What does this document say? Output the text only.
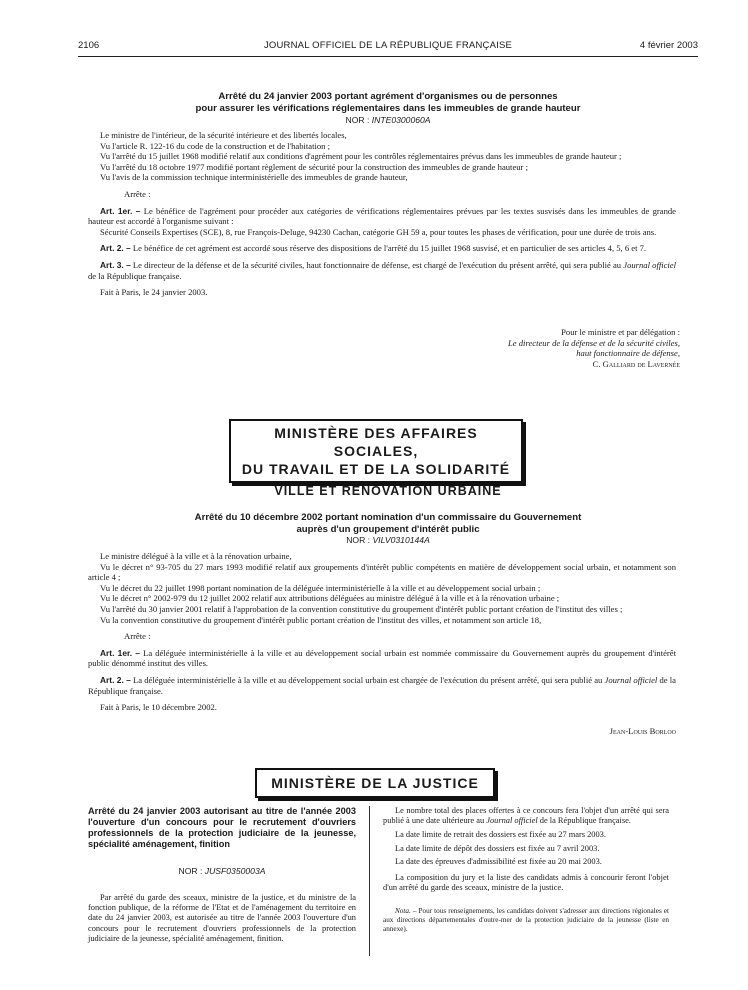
2106	JOURNAL OFFICIEL DE LA RÉPUBLIQUE FRANÇAISE	4 février 2003
Arrêté du 24 janvier 2003 portant agrément d'organismes ou de personnes
pour assurer les vérifications réglementaires dans les immeubles de grande hauteur
NOR : INTE0300060A

Le ministre de l'intérieur, de la sécurité intérieure et des libertés locales,

Vu l'article R. 122-16 du code de la construction et de l'habitation ;

Vu l'arrêté du 15 juillet 1968 modifié relatif aux conditions d'agrément pour les contrôles réglementaires prévus dans les immeubles de grande hauteur ;

Vu l'arrêté du 18 octobre 1977 modifié portant règlement de sécurité pour la construction des immeubles de grande hauteur ;

Vu l'avis de la commission technique interministérielle des immeubles de grande hauteur,

Arrête :

Art. 1er. – Le bénéfice de l'agrément pour procéder aux catégories de vérifications réglementaires prévues par les textes susvisés dans les immeubles de grande hauteur est accordé à l'organisme suivant :

Sécurité Conseils Expertises (SCE), 8, rue François-Deluge, 94230 Cachan, catégorie GH 59 a, pour toutes les phases de vérification, pour une durée de trois ans.

Art. 2. – Le bénéfice de cet agrément est accordé sous réserve des dispositions de l'arrêté du 15 juillet 1968 susvisé, et en particulier de ses articles 4, 5, 6 et 7.

Art. 3. – Le directeur de la défense et de la sécurité civiles, haut fonctionnaire de défense, est chargé de l'exécution du présent arrêté, qui sera publié au Journal officiel de la République française.

Fait à Paris, le 24 janvier 2003.

Pour le ministre et par délégation :
Le directeur de la défense et de la sécurité civiles,
haut fonctionnaire de défense,
C. Galliard de Lavernée
MINISTÈRE DES AFFAIRES SOCIALES,
DU TRAVAIL ET DE LA SOLIDARITÉ
VILLE ET RÉNOVATION URBAINE
Arrêté du 10 décembre 2002 portant nomination d'un commissaire du Gouvernement
auprès d'un groupement d'intérêt public
NOR : VILV0310144A

Le ministre délégué à la ville et à la rénovation urbaine,

Vu le décret n° 93-705 du 27 mars 1993 modifié relatif aux groupements d'intérêt public compétents en matière de développement social urbain, et notamment son article 4 ;

Vu le décret du 22 juillet 1998 portant nomination de la déléguée interministérielle à la ville et au développement social urbain ;

Vu le décret n° 2002-979 du 12 juillet 2002 relatif aux attributions déléguées au ministre délégué à la ville et à la rénovation urbaine ;

Vu l'arrêté du 30 janvier 2001 relatif à l'approbation de la convention constitutive du groupement d'intérêt public portant création de l'institut des villes ;

Vu la convention constitutive du groupement d'intérêt public portant création de l'institut des villes, et notamment son article 18,

Arrête :

Art. 1er. – La déléguée interministérielle à la ville et au développement social urbain est nommée commissaire du Gouvernement auprès du groupement d'intérêt public dénommé institut des villes.

Art. 2. – La déléguée interministérielle à la ville et au développement social urbain est chargée de l'exécution du présent arrêté, qui sera publié au Journal officiel de la République française.

Fait à Paris, le 10 décembre 2002.

Jean-Louis Borloo
MINISTÈRE DE LA JUSTICE
Arrêté du 24 janvier 2003 autorisant au titre de l'année 2003 l'ouverture d'un concours pour le recrutement d'ouvriers professionnels de la protection judiciaire de la jeunesse, spécialité aménagement, finition
NOR : JUSF0350003A

Par arrêté du garde des sceaux, ministre de la justice, et du ministre de la fonction publique, de la réforme de l'Etat et de l'aménagement du territoire en date du 24 janvier 2003, est autorisée au titre de l'année 2003 l'ouverture d'un concours pour le recrutement d'ouvriers professionnels de la protection judiciaire de la jeunesse, spécialité aménagement, finition.

Le nombre total des places offertes à ce concours fera l'objet d'un arrêté qui sera publié à une date ultérieure au Journal officiel de la République française.

La date limite de retrait des dossiers est fixée au 27 mars 2003.

La date limite de dépôt des dossiers est fixée au 7 avril 2003.

La date des épreuves d'admissibilité est fixée au 20 mai 2003.

La composition du jury et la liste des candidats admis à concourir feront l'objet d'un arrêté du garde des sceaux, ministre de la justice.

Nota. – Pour tous renseignements, les candidats doivent s'adresser aux directions régionales et aux directions départementales d'outre-mer de la protection judiciaire de la jeunesse (liste en annexe).
